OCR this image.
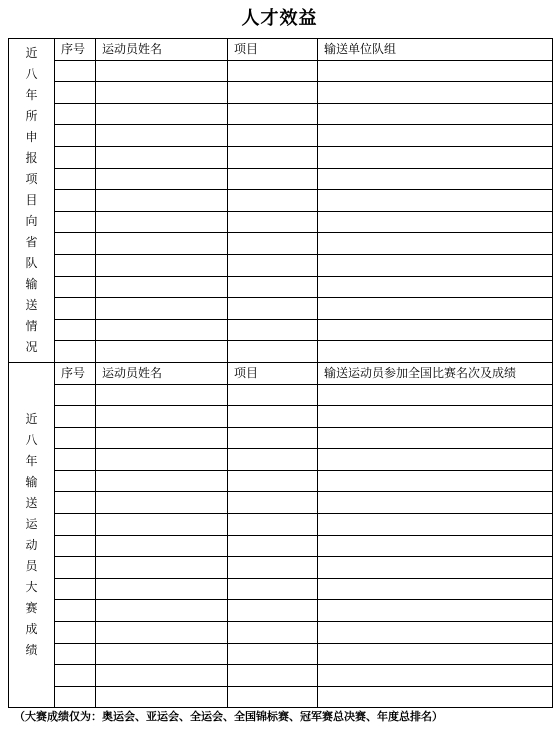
人才效益
近八年所申报项目向省队输送情况	序号	运动员姓名	项目	输送单位队组

近八年输送运动员大赛成绩	序号	运动员姓名	项目	输送运动员参加全国比赛名次及成绩

（大赛成绩仅为：奥运会、亚运会、全运会、全国锦标赛、冠军赛总决赛、年度总排名）
